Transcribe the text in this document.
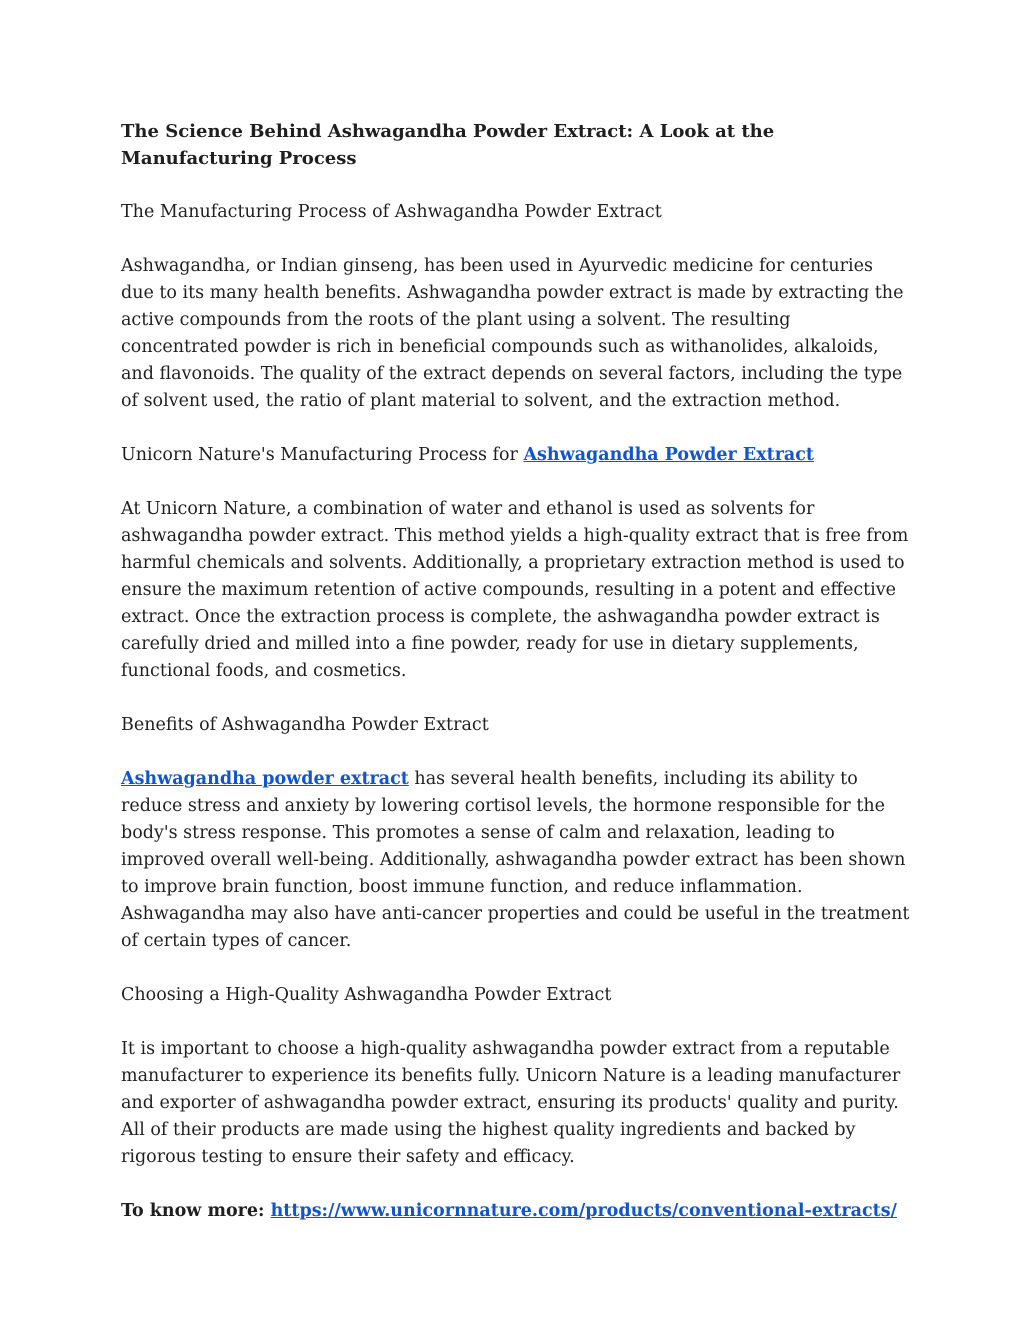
The Science Behind Ashwagandha Powder Extract: A Look at the Manufacturing Process

The Manufacturing Process of Ashwagandha Powder Extract

Ashwagandha, or Indian ginseng, has been used in Ayurvedic medicine for centuries due to its many health benefits. Ashwagandha powder extract is made by extracting the active compounds from the roots of the plant using a solvent. The resulting concentrated powder is rich in beneficial compounds such as withanolides, alkaloids, and flavonoids. The quality of the extract depends on several factors, including the type of solvent used, the ratio of plant material to solvent, and the extraction method.

Unicorn Nature's Manufacturing Process for Ashwagandha Powder Extract

At Unicorn Nature, a combination of water and ethanol is used as solvents for ashwagandha powder extract. This method yields a high-quality extract that is free from harmful chemicals and solvents. Additionally, a proprietary extraction method is used to ensure the maximum retention of active compounds, resulting in a potent and effective extract. Once the extraction process is complete, the ashwagandha powder extract is carefully dried and milled into a fine powder, ready for use in dietary supplements, functional foods, and cosmetics.

Benefits of Ashwagandha Powder Extract

Ashwagandha powder extract has several health benefits, including its ability to reduce stress and anxiety by lowering cortisol levels, the hormone responsible for the body's stress response. This promotes a sense of calm and relaxation, leading to improved overall well-being. Additionally, ashwagandha powder extract has been shown to improve brain function, boost immune function, and reduce inflammation. Ashwagandha may also have anti-cancer properties and could be useful in the treatment of certain types of cancer.

Choosing a High-Quality Ashwagandha Powder Extract

It is important to choose a high-quality ashwagandha powder extract from a reputable manufacturer to experience its benefits fully. Unicorn Nature is a leading manufacturer and exporter of ashwagandha powder extract, ensuring its products' quality and purity. All of their products are made using the highest quality ingredients and backed by rigorous testing to ensure their safety and efficacy.

To know more: https://www.unicornnature.com/products/conventional-extracts/
